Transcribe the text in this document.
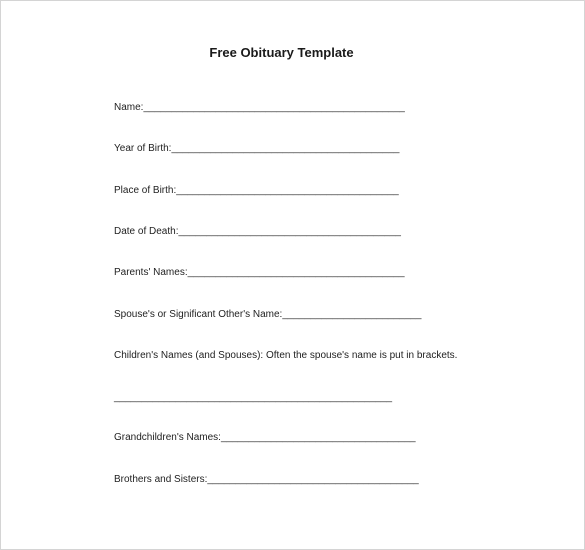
Free Obituary Template
Name:_______________________________________________
Year of Birth:_________________________________________
Place of Birth:________________________________________
Date of Death:________________________________________
Parents' Names:_______________________________________
Spouse's or Significant Other's Name:_________________________
Children's Names (and Spouses): Often the spouse's name is put in brackets.
__________________________________________________
Grandchildren's Names:___________________________________
Brothers and Sisters:______________________________________
